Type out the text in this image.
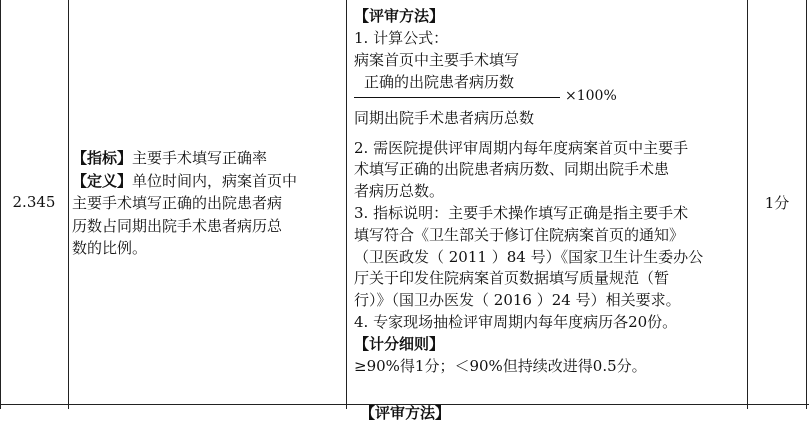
2.345
【指标】主要手术填写正确率
【定义】单位时间内，病案首页中
主要手术填写正确的出院患者病
历数占同期出院手术患者病历总
数的比例。
【评审方法】
1. 计算公式：
病案首页中主要手术填写
正确的出院患者病历数
×100%
同期出院手术患者病历总数
2. 需医院提供评审周期内每年度病案首页中主要手
术填写正确的出院患者病历数、同期出院手术患
者病历总数。
3. 指标说明：主要手术操作填写正确是指主要手术
填写符合《卫生部关于修订住院病案首页的通知》
（卫医政发（ 2011 ）84 号）《国家卫生计生委办公
厅关于印发住院病案首页数据填写质量规范（暂
行）》（国卫办医发（ 2016 ）24 号）相关要求。
4. 专家现场抽检评审周期内每年度病历各20份。
【计分细则】
≥90%得1分；＜90%但持续改进得0.5分。
1分
【评审方法】
